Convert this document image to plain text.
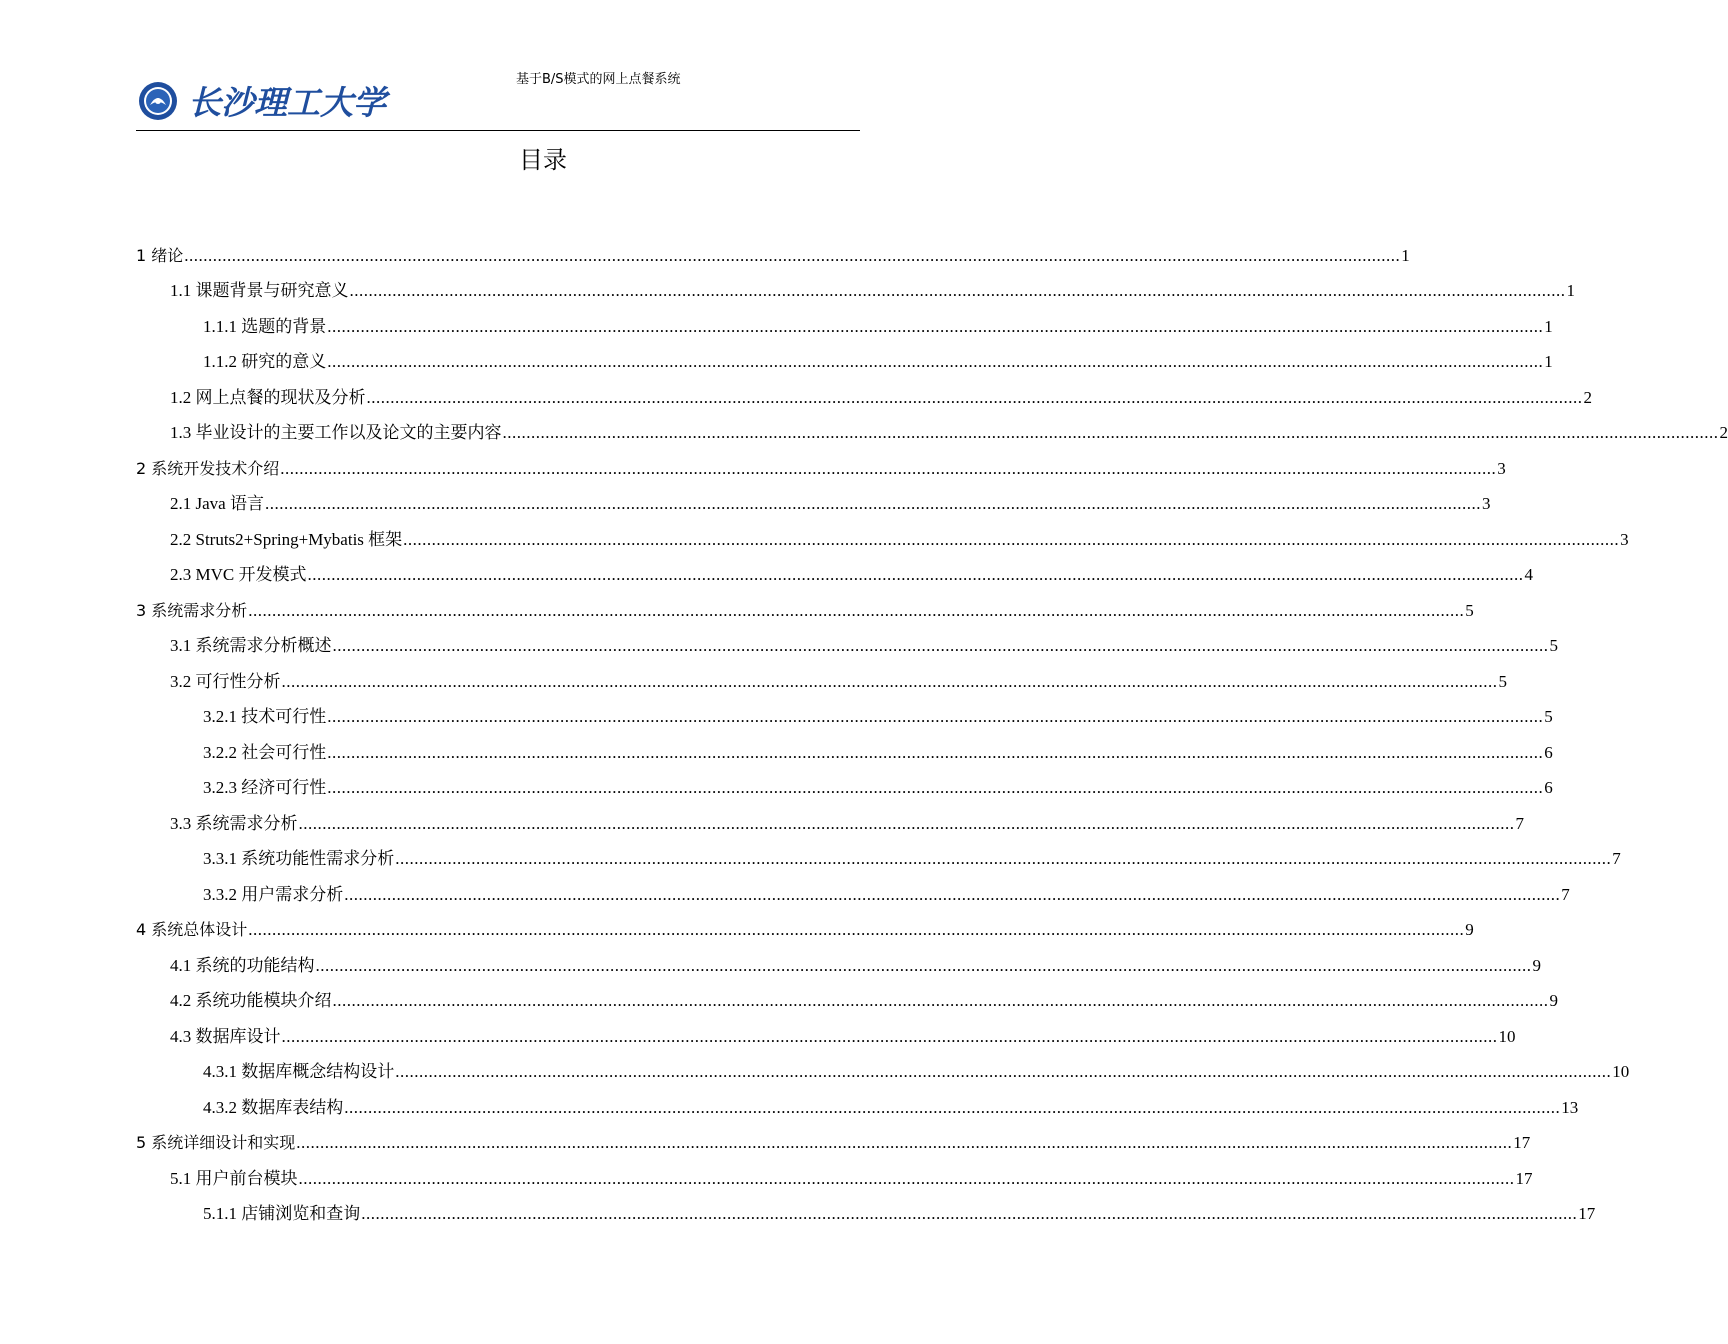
基于B/S模式的网上点餐系统
长沙理工大学
目录
1 绪论 .....	1
1.1 课题背景与研究意义 .....	1
1.1.1 选题的背景 .....	1
1.1.2 研究的意义 .....	1
1.2 网上点餐的现状及分析 .....	2
1.3 毕业设计的主要工作以及论文的主要内容 .....	2
2 系统开发技术介绍 .....	3
2.1 Java 语言 .....	3
2.2 Struts2+Spring+Mybatis 框架 .....	3
2.3 MVC 开发模式 .....	4
3 系统需求分析 .....	5
3.1 系统需求分析概述 .....	5
3.2 可行性分析 .....	5
3.2.1 技术可行性 .....	5
3.2.2 社会可行性 .....	6
3.2.3 经济可行性 .....	6
3.3 系统需求分析 .....	7
3.3.1 系统功能性需求分析 .....	7
3.3.2 用户需求分析 .....	7
4 系统总体设计 .....	9
4.1 系统的功能结构 .....	9
4.2 系统功能模块介绍 .....	9
4.3 数据库设计 .....	10
4.3.1 数据库概念结构设计 .....	10
4.3.2 数据库表结构 .....	13
5 系统详细设计和实现 .....	17
5.1 用户前台模块 .....	17
5.1.1 店铺浏览和查询 .....	17
